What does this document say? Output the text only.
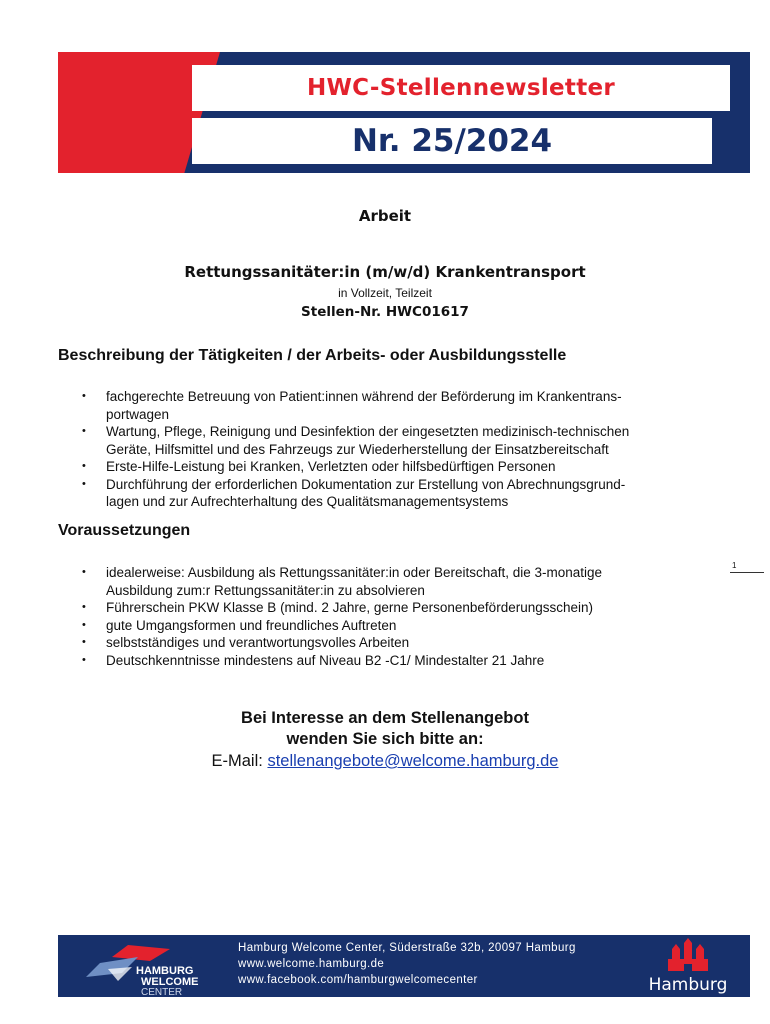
HWC-Stellennewsletter
Nr. 25/2024
Arbeit
Rettungssanitäter:in (m/w/d) Krankentransport
in Vollzeit, Teilzeit
Stellen-Nr. HWC01617
Beschreibung der Tätigkeiten / der Arbeits- oder Ausbildungsstelle
• fachgerechte Betreuung von Patient:innen während der Beförderung im Krankentrans-
portwagen
• Wartung, Pflege, Reinigung und Desinfektion der eingesetzten medizinisch-technischen
Geräte, Hilfsmittel und des Fahrzeugs zur Wiederherstellung der Einsatzbereitschaft
• Erste-Hilfe-Leistung bei Kranken, Verletzten oder hilfsbedürftigen Personen
• Durchführung der erforderlichen Dokumentation zur Erstellung von Abrechnungsgrund-
lagen und zur Aufrechterhaltung des Qualitätsmanagementsystems
Voraussetzungen
• idealerweise: Ausbildung als Rettungssanitäter:in oder Bereitschaft, die 3-monatige
Ausbildung zum:r Rettungssanitäter:in zu absolvieren
• Führerschein PKW Klasse B (mind. 2 Jahre, gerne Personenbeförderungsschein)
• gute Umgangsformen und freundliches Auftreten
• selbstständiges und verantwortungsvolles Arbeiten
• Deutschkenntnisse mindestens auf Niveau B2 -C1/ Mindestalter 21 Jahre
1
Bei Interesse an dem Stellenangebot
wenden Sie sich bitte an:
E-Mail: stellenangebote@welcome.hamburg.de
HAMBURG
WELCOME
CENTER
Hamburg Welcome Center, Süderstraße 32b, 20097 Hamburg
www.welcome.hamburg.de
www.facebook.com/hamburgwelcomecenter	Hamburg
